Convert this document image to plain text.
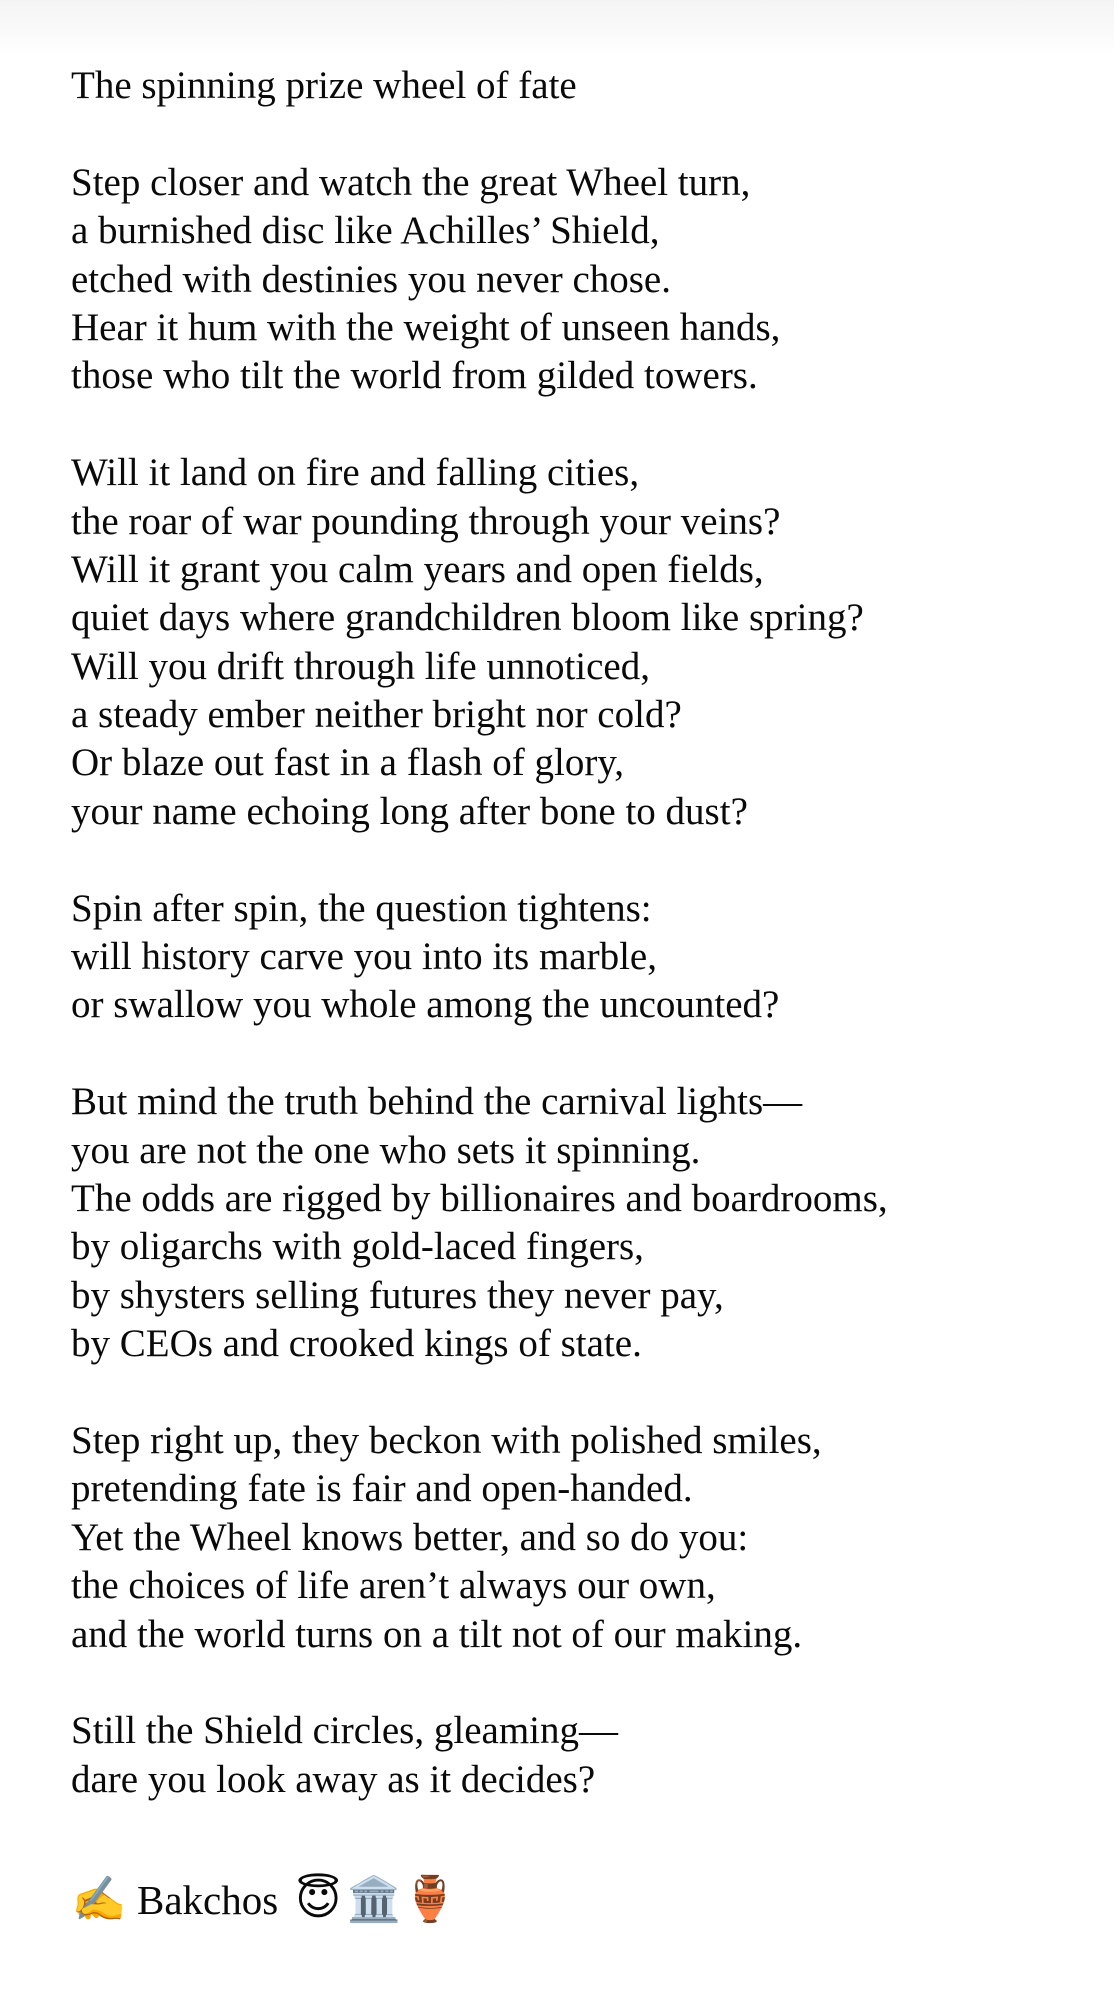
The spinning prize wheel of fate
Step closer and watch the great Wheel turn,
a burnished disc like Achilles’ Shield,
etched with destinies you never chose.
Hear it hum with the weight of unseen hands,
those who tilt the world from gilded towers.
Will it land on fire and falling cities,
the roar of war pounding through your veins?
Will it grant you calm years and open fields,
quiet days where grandchildren bloom like spring?
Will you drift through life unnoticed,
a steady ember neither bright nor cold?
Or blaze out fast in a flash of glory,
your name echoing long after bone to dust?
Spin after spin, the question tightens:
will history carve you into its marble,
or swallow you whole among the uncounted?
But mind the truth behind the carnival lights—
you are not the one who sets it spinning.
The odds are rigged by billionaires and boardrooms,
by oligarchs with gold-laced fingers,
by shysters selling futures they never pay,
by CEOs and crooked kings of state.
Step right up, they beckon with polished smiles,
pretending fate is fair and open-handed.
Yet the Wheel knows better, and so do you:
the choices of life aren’t always our own,
and the world turns on a tilt not of our making.
Still the Shield circles, gleaming—
dare you look away as it decides?
✍️ Bakchos 😇 🏛️ 🏺
